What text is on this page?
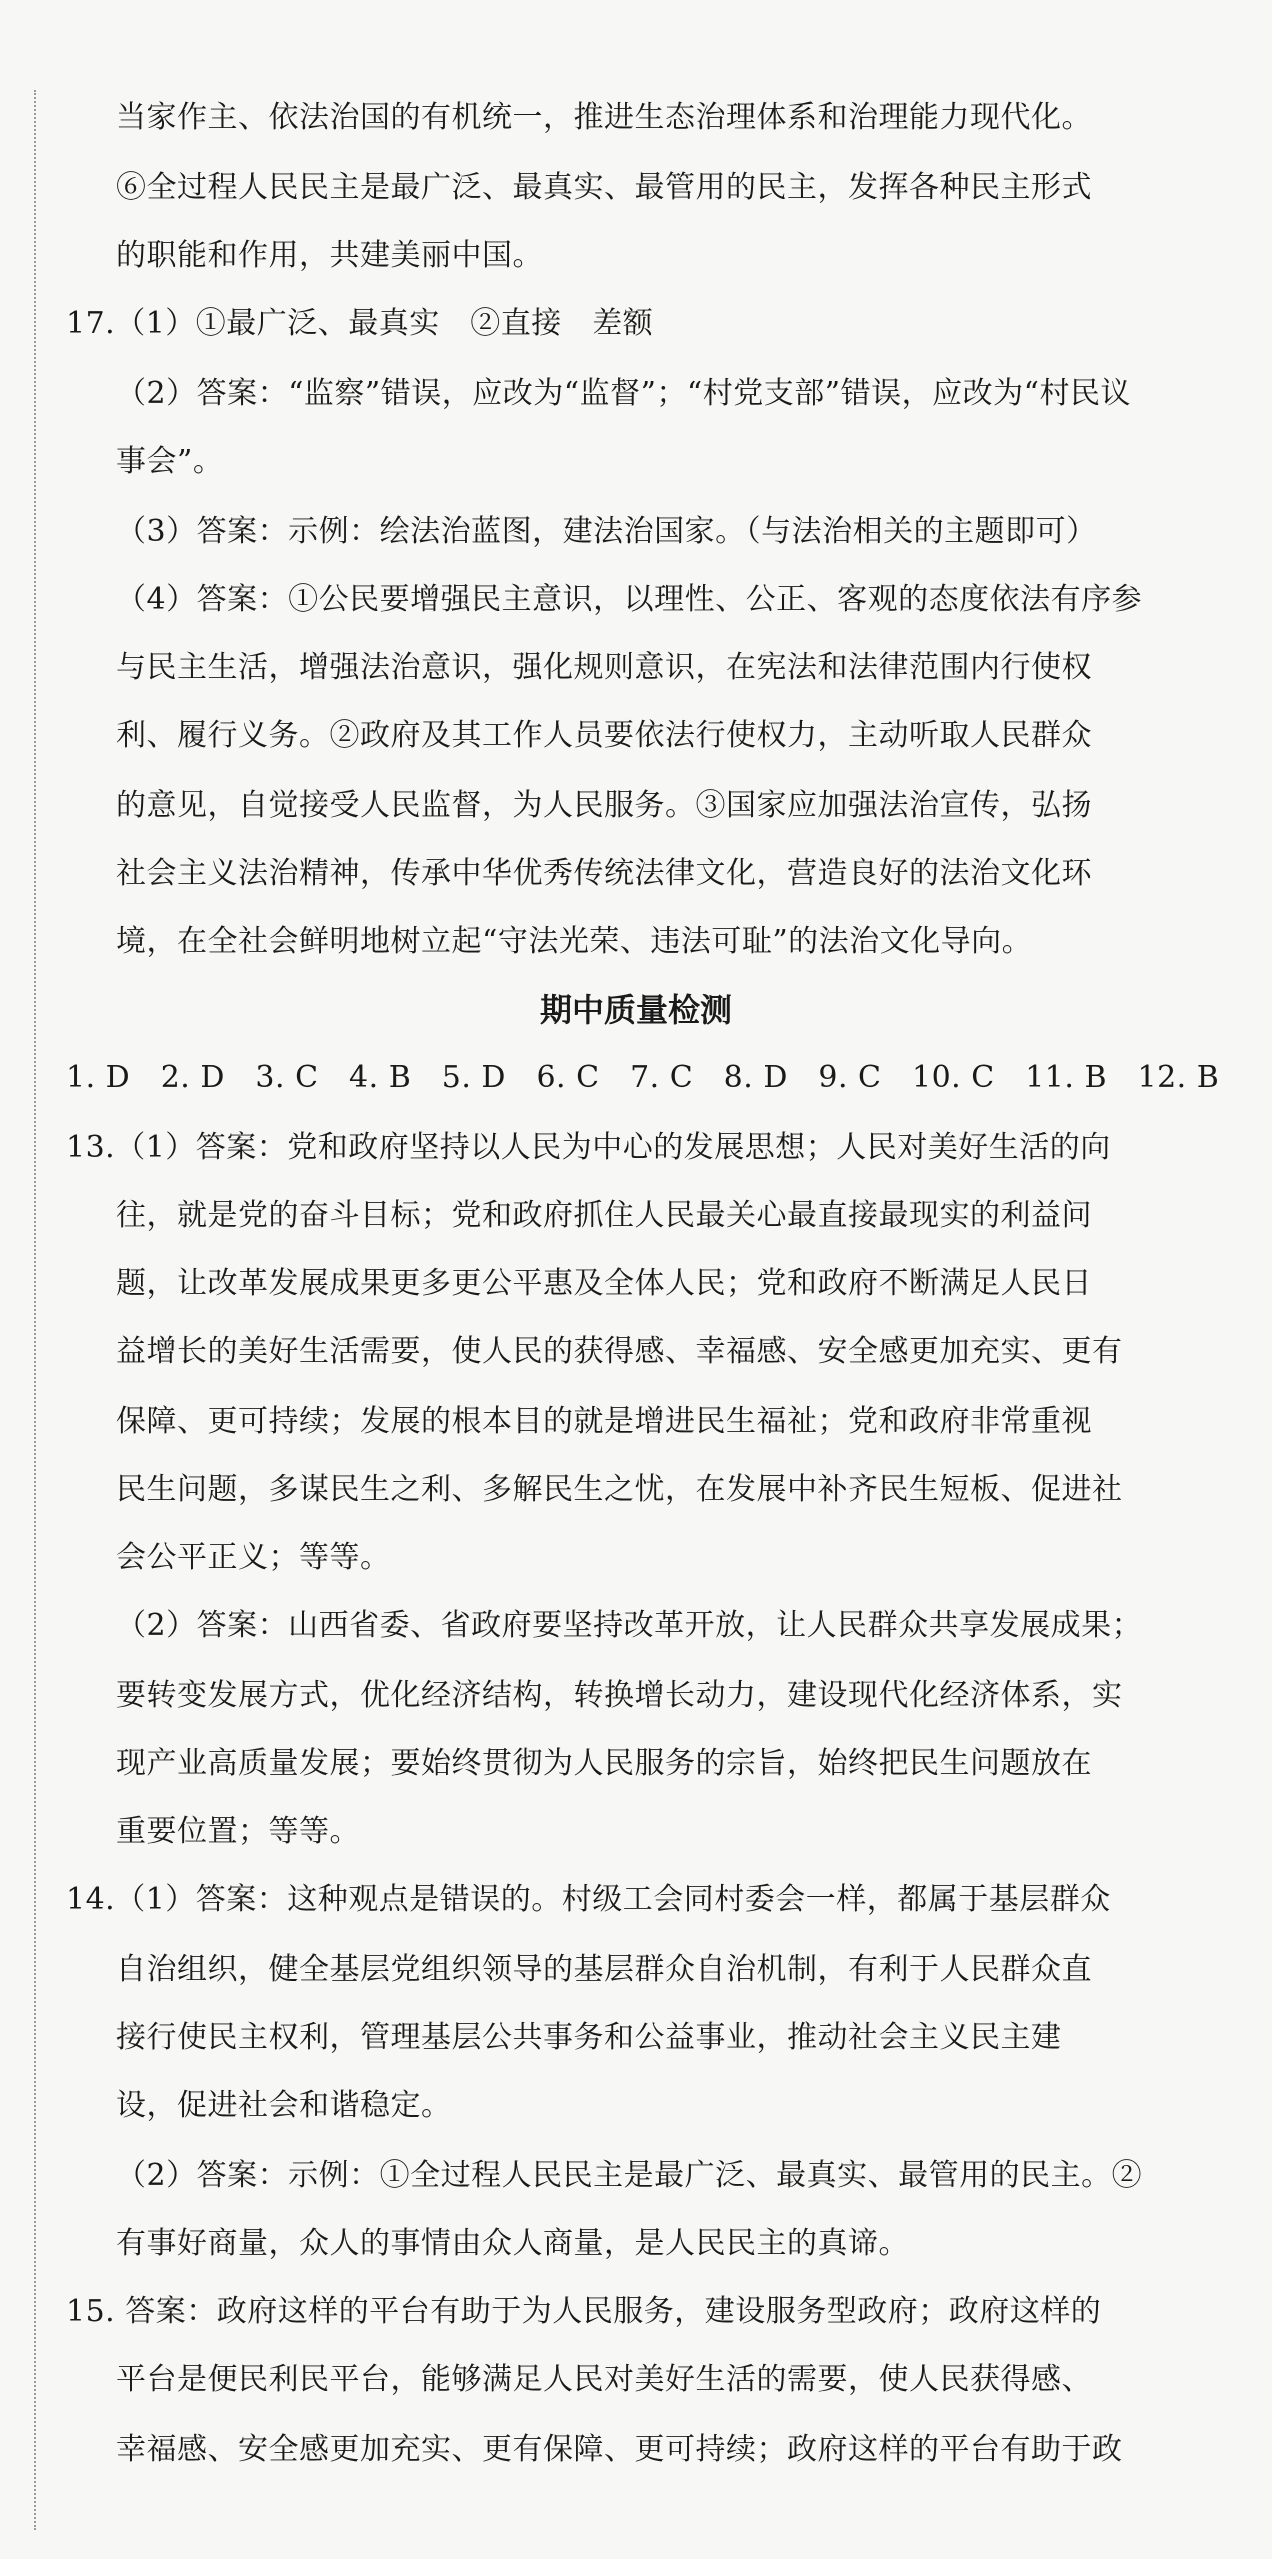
当家作主、依法治国的有机统一，推进生态治理体系和治理能力现代化。
⑥全过程人民民主是最广泛、最真实、最管用的民主，发挥各种民主形式
的职能和作用，共建美丽中国。
17.（1）①最广泛、最真实　②直接　差额
（2）答案：“监察”错误，应改为“监督”；“村党支部”错误，应改为“村民议
事会”。
（3）答案：示例：绘法治蓝图，建法治国家。（与法治相关的主题即可）
（4）答案：①公民要增强民主意识，以理性、公正、客观的态度依法有序参
与民主生活，增强法治意识，强化规则意识，在宪法和法律范围内行使权
利、履行义务。②政府及其工作人员要依法行使权力，主动听取人民群众
的意见，自觉接受人民监督，为人民服务。③国家应加强法治宣传，弘扬
社会主义法治精神，传承中华优秀传统法律文化，营造良好的法治文化环
境，在全社会鲜明地树立起“守法光荣、违法可耻”的法治文化导向。
期中质量检测
1. D　2. D　3. C　4. B　5. D　6. C　7. C　8. D　9. C　10. C　11. B　12. B
13.（1）答案：党和政府坚持以人民为中心的发展思想；人民对美好生活的向
往，就是党的奋斗目标；党和政府抓住人民最关心最直接最现实的利益问
题，让改革发展成果更多更公平惠及全体人民；党和政府不断满足人民日
益增长的美好生活需要，使人民的获得感、幸福感、安全感更加充实、更有
保障、更可持续；发展的根本目的就是增进民生福祉；党和政府非常重视
民生问题，多谋民生之利、多解民生之忧，在发展中补齐民生短板、促进社
会公平正义；等等。
（2）答案：山西省委、省政府要坚持改革开放，让人民群众共享发展成果；
要转变发展方式，优化经济结构，转换增长动力，建设现代化经济体系，实
现产业高质量发展；要始终贯彻为人民服务的宗旨，始终把民生问题放在
重要位置；等等。
14.（1）答案：这种观点是错误的。村级工会同村委会一样，都属于基层群众
自治组织，健全基层党组织领导的基层群众自治机制，有利于人民群众直
接行使民主权利，管理基层公共事务和公益事业，推动社会主义民主建
设，促进社会和谐稳定。
（2）答案：示例：①全过程人民民主是最广泛、最真实、最管用的民主。②
有事好商量，众人的事情由众人商量，是人民民主的真谛。
15. 答案：政府这样的平台有助于为人民服务，建设服务型政府；政府这样的
平台是便民利民平台，能够满足人民对美好生活的需要，使人民获得感、
幸福感、安全感更加充实、更有保障、更可持续；政府这样的平台有助于政
